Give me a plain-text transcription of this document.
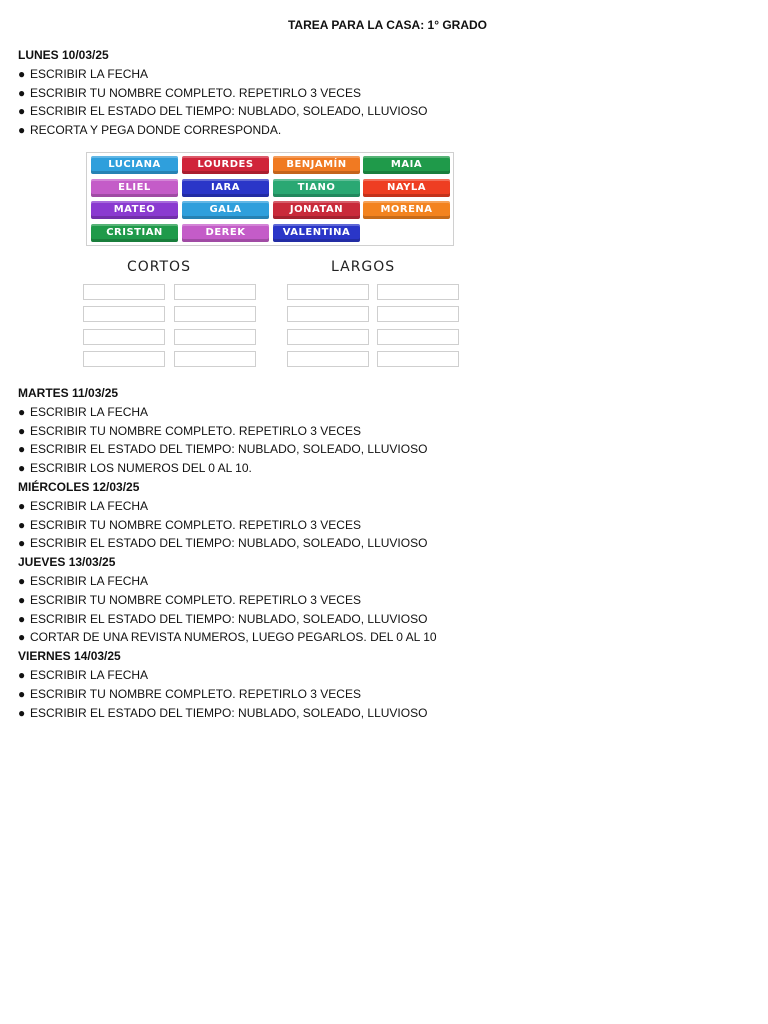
TAREA PARA LA CASA: 1° GRADO
LUNES 10/03/25
● ESCRIBIR LA FECHA
● ESCRIBIR TU NOMBRE COMPLETO. REPETIRLO 3 VECES
● ESCRIBIR EL ESTADO DEL TIEMPO: NUBLADO, SOLEADO, LLUVIOSO
● RECORTA Y PEGA DONDE CORRESPONDA.
LUCIANA	LOURDES	BENJAMÍN	MAIA
ELIEL	IARA	TIANO	NAYLA
MATEO	GALA	JONATAN	MORENA
CRISTIAN	DEREK	VALENTINA
CORTOS	LARGOS
MARTES 11/03/25
● ESCRIBIR LA FECHA
● ESCRIBIR TU NOMBRE COMPLETO. REPETIRLO 3 VECES
● ESCRIBIR EL ESTADO DEL TIEMPO: NUBLADO, SOLEADO, LLUVIOSO
● ESCRIBIR LOS NUMEROS DEL 0 AL 10.
MIÉRCOLES 12/03/25
● ESCRIBIR LA FECHA
● ESCRIBIR TU NOMBRE COMPLETO. REPETIRLO 3 VECES
● ESCRIBIR EL ESTADO DEL TIEMPO: NUBLADO, SOLEADO, LLUVIOSO
JUEVES 13/03/25
● ESCRIBIR LA FECHA
● ESCRIBIR TU NOMBRE COMPLETO. REPETIRLO 3 VECES
● ESCRIBIR EL ESTADO DEL TIEMPO: NUBLADO, SOLEADO, LLUVIOSO
● CORTAR DE UNA REVISTA NUMEROS, LUEGO PEGARLOS. DEL 0 AL 10
VIERNES 14/03/25
● ESCRIBIR LA FECHA
● ESCRIBIR TU NOMBRE COMPLETO. REPETIRLO 3 VECES
● ESCRIBIR EL ESTADO DEL TIEMPO: NUBLADO, SOLEADO, LLUVIOSO
